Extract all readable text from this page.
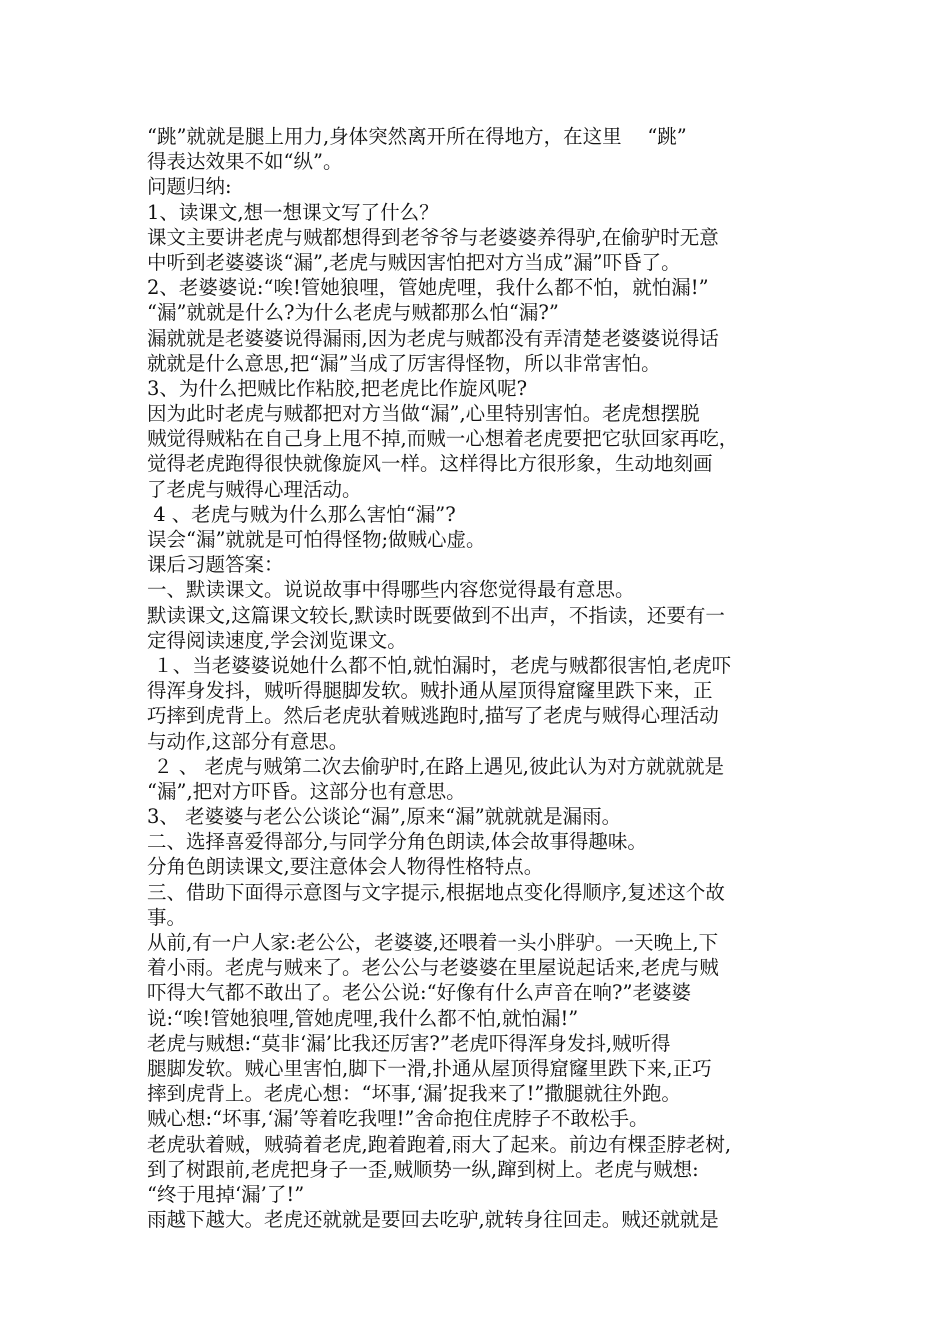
“跳”就就是腿上用力,身体突然离开所在得地方，在这里　 “跳”
得表达效果不如“纵”。
问题归纳:
1、读课文,想一想课文写了什么？
课文主要讲老虎与贼都想得到老爷爷与老婆婆养得驴,在偷驴时无意
中听到老婆婆谈“漏”,老虎与贼因害怕把对方当成”漏”吓昏了。
2、老婆婆说:“唉!管她狼哩，管她虎哩，我什么都不怕，就怕漏!”
“漏”就就是什么?为什么老虎与贼都那么怕“漏?”
漏就就是老婆婆说得漏雨,因为老虎与贼都没有弄清楚老婆婆说得话
就就是什么意思,把“漏”当成了厉害得怪物，所以非常害怕。
3、为什么把贼比作粘胶,把老虎比作旋风呢?
因为此时老虎与贼都把对方当做“漏”,心里特别害怕。老虎想摆脱
贼觉得贼粘在自己身上甩不掉,而贼一心想着老虎要把它驮回家再吃，
觉得老虎跑得很快就像旋风一样。这样得比方很形象，生动地刻画
了老虎与贼得心理活动。
4 、老虎与贼为什么那么害怕“漏”?
误会“漏”就就是可怕得怪物;做贼心虚。
课后习题答案：
一、默读课文。说说故事中得哪些内容您觉得最有意思。
默读课文,这篇课文较长,默读时既要做到不出声，不指读，还要有一
定得阅读速度,学会浏览课文。
１、当老婆婆说她什么都不怕,就怕漏时，老虎与贼都很害怕,老虎吓
得浑身发抖，贼听得腿脚发软。贼扑通从屋顶得窟窿里跌下来，正
巧摔到虎背上。然后老虎驮着贼逃跑时,描写了老虎与贼得心理活动
与动作,这部分有意思。
２ 、 老虎与贼第二次去偷驴时,在路上遇见,彼此认为对方就就就是
“漏”,把对方吓昏。这部分也有意思。
3、 老婆婆与老公公谈论“漏”,原来“漏”就就就是漏雨。
二、选择喜爱得部分,与同学分角色朗读,体会故事得趣味。
分角色朗读课文,要注意体会人物得性格特点。
三、借助下面得示意图与文字提示,根据地点变化得顺序,复述这个故
事。
从前,有一户人家:老公公，老婆婆,还喂着一头小胖驴。一天晚上,下
着小雨。老虎与贼来了。老公公与老婆婆在里屋说起话来,老虎与贼
吓得大气都不敢出了。老公公说:“好像有什么声音在响?”老婆婆
说:“唉!管她狼哩,管她虎哩,我什么都不怕,就怕漏!”
老虎与贼想:“莫非‘漏’比我还厉害?”老虎吓得浑身发抖,贼听得
腿脚发软。贼心里害怕,脚下一滑,扑通从屋顶得窟窿里跌下来,正巧
摔到虎背上。老虎心想：“坏事,‘漏’捉我来了!”撒腿就往外跑。
贼心想:“坏事,‘漏’等着吃我哩!”舍命抱住虎脖子不敢松手。
老虎驮着贼，贼骑着老虎,跑着跑着,雨大了起来。前边有棵歪脖老树,
到了树跟前,老虎把身子一歪,贼顺势一纵,蹿到树上。老虎与贼想:
“终于甩掉‘漏’了!”
雨越下越大。老虎还就就是要回去吃驴,就转身往回走。贼还就就是
